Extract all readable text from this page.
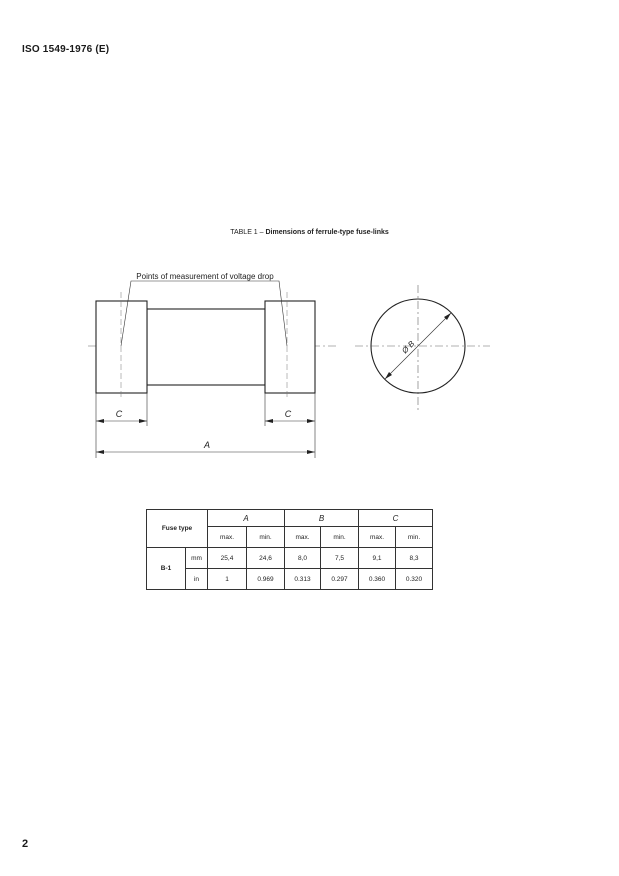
ISO 1549-1976 (E)
TABLE 1 – Dimensions of ferrule-type fuse-links
Points of measurement of voltage drop
C	C
A
Ø B
Fuse type		A		B		C	
		max.	min.	max.	min.	max.	min.
B-1	mm	25,4	24,6	8,0	7,5	9,1	8,3
	in	1	0.969	0.313	0.297	0.360	0.320
2
